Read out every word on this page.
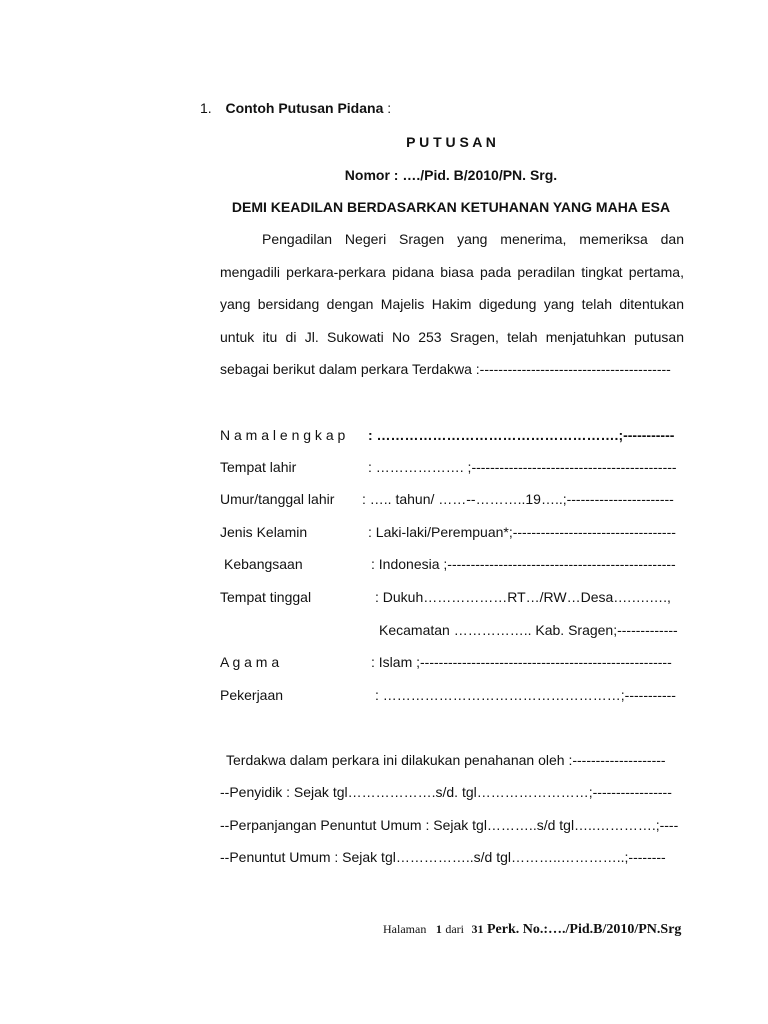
1. Contoh Putusan Pidana :
P U T U S A N
Nomor : …./Pid. B/2010/PN. Srg.
DEMI KEADILAN BERDASARKAN KETUHANAN YANG MAHA ESA
Pengadilan Negeri Sragen yang menerima, memeriksa dan
mengadili perkara-perkara pidana biasa pada peradilan tingkat pertama,
yang bersidang dengan Majelis Hakim digedung yang telah ditentukan
untuk itu di Jl. Sukowati No 253 Sragen, telah menjatuhkan putusan
sebagai berikut dalam perkara Terdakwa :-----------------------------------------
N a m a l e n g k a p : …………………………………………….;-----------
Tempat lahir	: ………………. ;--------------------------------------------
Umur/tanggal lahir : ….. tahun/ ……--………..19…..;-----------------------
Jenis Kelamin	: Laki-laki/Perempuan*;-----------------------------------
Kebangsaan	: Indonesia ;-------------------------------------------------
Tempat tinggal	: Dukuh………………RT…/RW…Desa….….….,
Kecamatan …………….. Kab. Sragen;-------------
A g a m a	: Islam ;------------------------------------------------------
Pekerjaan	: ……………………………………………;-----------
Terdakwa dalam perkara ini dilakukan penahanan oleh :--------------------
--Penyidik : Sejak tgl……………….s/d. tgl……………………;-----------------
--Perpanjangan Penuntut Umum : Sejak tgl………..s/d tgl…..………….;----
--Penuntut Umum : Sejak tgl……………..s/d tgl………..…………..;--------
Halaman 1 dari 31 Perk. No.:…./Pid.B/2010/PN.Srg
